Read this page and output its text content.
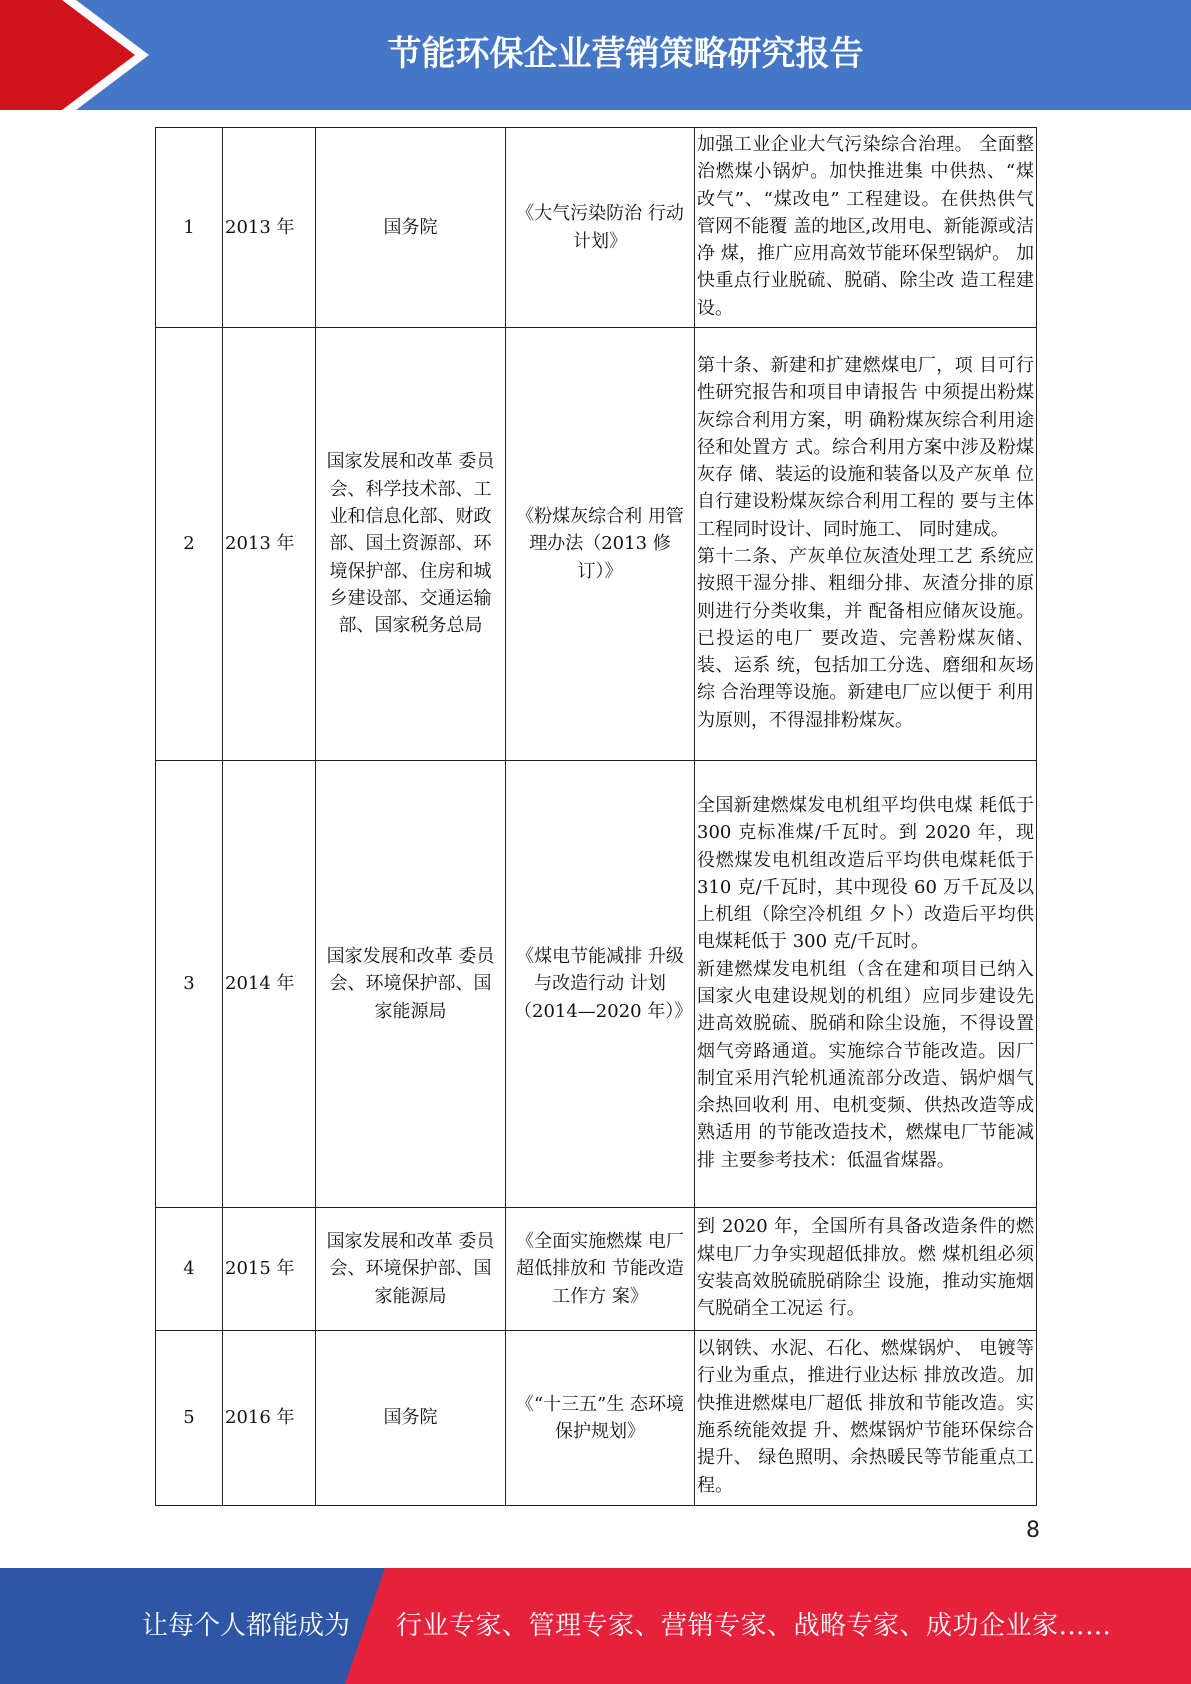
节能环保企业营销策略研究报告
1	2013 年	国务院	《大气污染防治 行动计划》	加强工业企业大气污染综合治理。 全面整治燃煤小锅炉。加快推进集 中供热、“煤改气”、“煤改电” 工程建设。在供热供气管网不能覆 盖的地区,改用电、新能源或洁净 煤，推广应用高效节能环保型锅炉。 加快重点行业脱硫、脱硝、除尘改 造工程建设。
2	2013 年	国家发展和改革 委员会、科学技术部、工业和信息化部、财政部、国土资源部、环境保护部、住房和城乡建设部、交通运输部、国家税务总局	《粉煤灰综合利 用管理办法（2013 修订）》	第十条、新建和扩建燃煤电厂，项 目可行性研究报告和项目申请报告 中须提出粉煤灰综合利用方案，明 确粉煤灰综合利用途径和处置方 式。综合利用方案中涉及粉煤灰存 储、装运的设施和装备以及产灰单 位自行建设粉煤灰综合利用工程的 要与主体工程同时设计、同时施工、 同时建成。
第十二条、产灰单位灰渣处理工艺 系统应按照干湿分排、粗细分排、灰渣分排的原则进行分类收集，并 配备相应储灰设施。已投运的电厂 要改造、完善粉煤灰储、装、运系 统，包括加工分选、磨细和灰场综 合治理等设施。新建电厂应以便于 利用为原则，不得湿排粉煤灰。
3	2014 年	国家发展和改革 委员会、环境保护部、国家能源局	《煤电节能减排 升级与改造行动 计划（2014—2020 年）》	全国新建燃煤发电机组平均供电煤 耗低于 300 克标准煤/千瓦时。到 2020 年，现役燃煤发电机组改造后平均供电煤耗低于 310 克/千瓦时，其中现役 60 万千瓦及以上机组（除空冷机组 夕卜）改造后平均供电煤耗低于 300 克/千瓦时。
新建燃煤发电机组（含在建和项目已纳入国家火电建设规划的机组）应同步建设先进高效脱硫、脱硝和除尘设施，不得设置烟气旁路通道。实施综合节能改造。因厂制宜采用汽轮机通流部分改造、锅炉烟气余热回收利 用、电机变频、供热改造等成熟适用 的节能改造技术，燃煤电厂节能减排 主要参考技术：低温省煤器。
4	2015 年	国家发展和改革 委员会、环境保护部、国家能源局	《全面实施燃煤 电厂超低排放和 节能改造工作方 案》	到 2020 年，全国所有具备改造条件的燃煤电厂力争实现超低排放。燃 煤机组必须安装高效脱硫脱硝除尘 设施，推动实施烟气脱硝全工况运 行。
5	2016 年	国务院	《“十三五”生 态环境保护规划》	以钢铁、水泥、石化、燃煤锅炉、 电镀等行业为重点，推进行业达标 排放改造。加快推进燃煤电厂超低 排放和节能改造。实施系统能效提 升、燃煤锅炉节能环保综合提升、 绿色照明、余热暖民等节能重点工 程。
8
让每个人都能成为 行业专家、管理专家、营销专家、战略专家、成功企业家……
